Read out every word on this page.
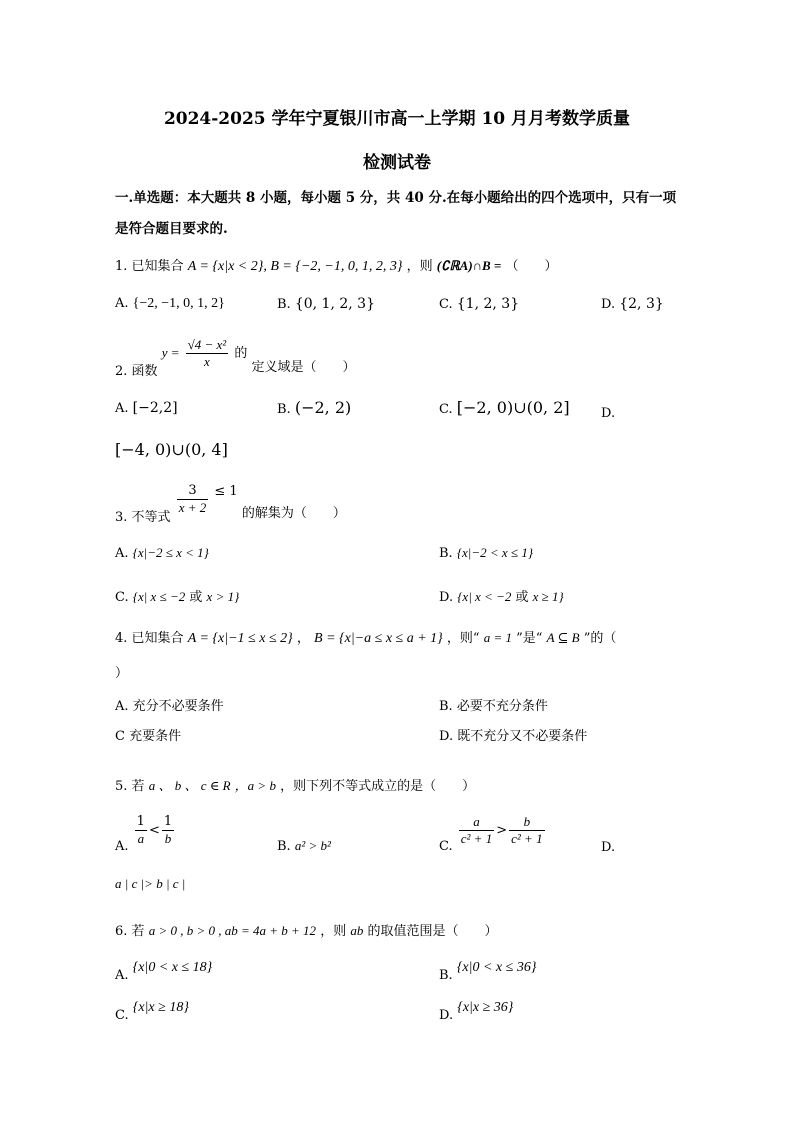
2024-2025 学年宁夏银川市高一上学期 10 月月考数学质量
检测试卷
一.单选题：本大题共 8 小题，每小题 5 分，共 40 分.在每小题给出的四个选项中，只有一项
是符合题目要求的.
1. 已知集合 A = {x|x < 2}, B = {−2, −1, 0, 1, 2, 3} ，则 (∁ℝA)∩B = （　　）
A. {−2, −1, 0, 1, 2}	B. {0, 1, 2, 3}	C. {1, 2, 3}	D. {2, 3}
2. 函数 $y = \frac{\text{√4 − x²}}{x}$ 的 定义域是（　　）
A. [−2,2]	B. (−2, 2)	C. [−2, 0)∪(0, 2] D.
[−4, 0)∪(0, 4]
3. 不等式
$\frac{3}{x + 2} \le 1$ 的解集为（　　）
A. {x|−2 ≤ x < 1}	B. {x|−2 < x ≤ 1}
C. {x| x ≤ −2 或 x > 1}	D. {x| x < −2 或 x ≥ 1}
4. 已知集合 A = {x|−1 ≤ x ≤ 2} ， B = {x|−a ≤ x ≤ a + 1} ，则“ a = 1 ”是“ A ⊆ B ”的（
）
A. 充分不必要条件	B. 必要不充分条件
C 充要条件	D. 既不充分又不必要条件
5. 若 a 、 b 、 c ∈ R ，a > b ，则下列不等式成立的是（　　）
A. $\frac{1}{a} < \frac{1}{b}$	B. a² > b²	C. $\frac{a}{\text{c² + 1}} > \frac{b}{\text{c² + 1}}$
D.
a | c |> b | c |
6. 若 a > 0 , b > 0 , ab = 4a + b + 12 ，则 ab 的取值范围是（　　）
A. {x|0 < x ≤ 18}
B. {x|0 < x ≤ 36}
C. {x|x ≥ 18}
D. {x|x ≥ 36}
